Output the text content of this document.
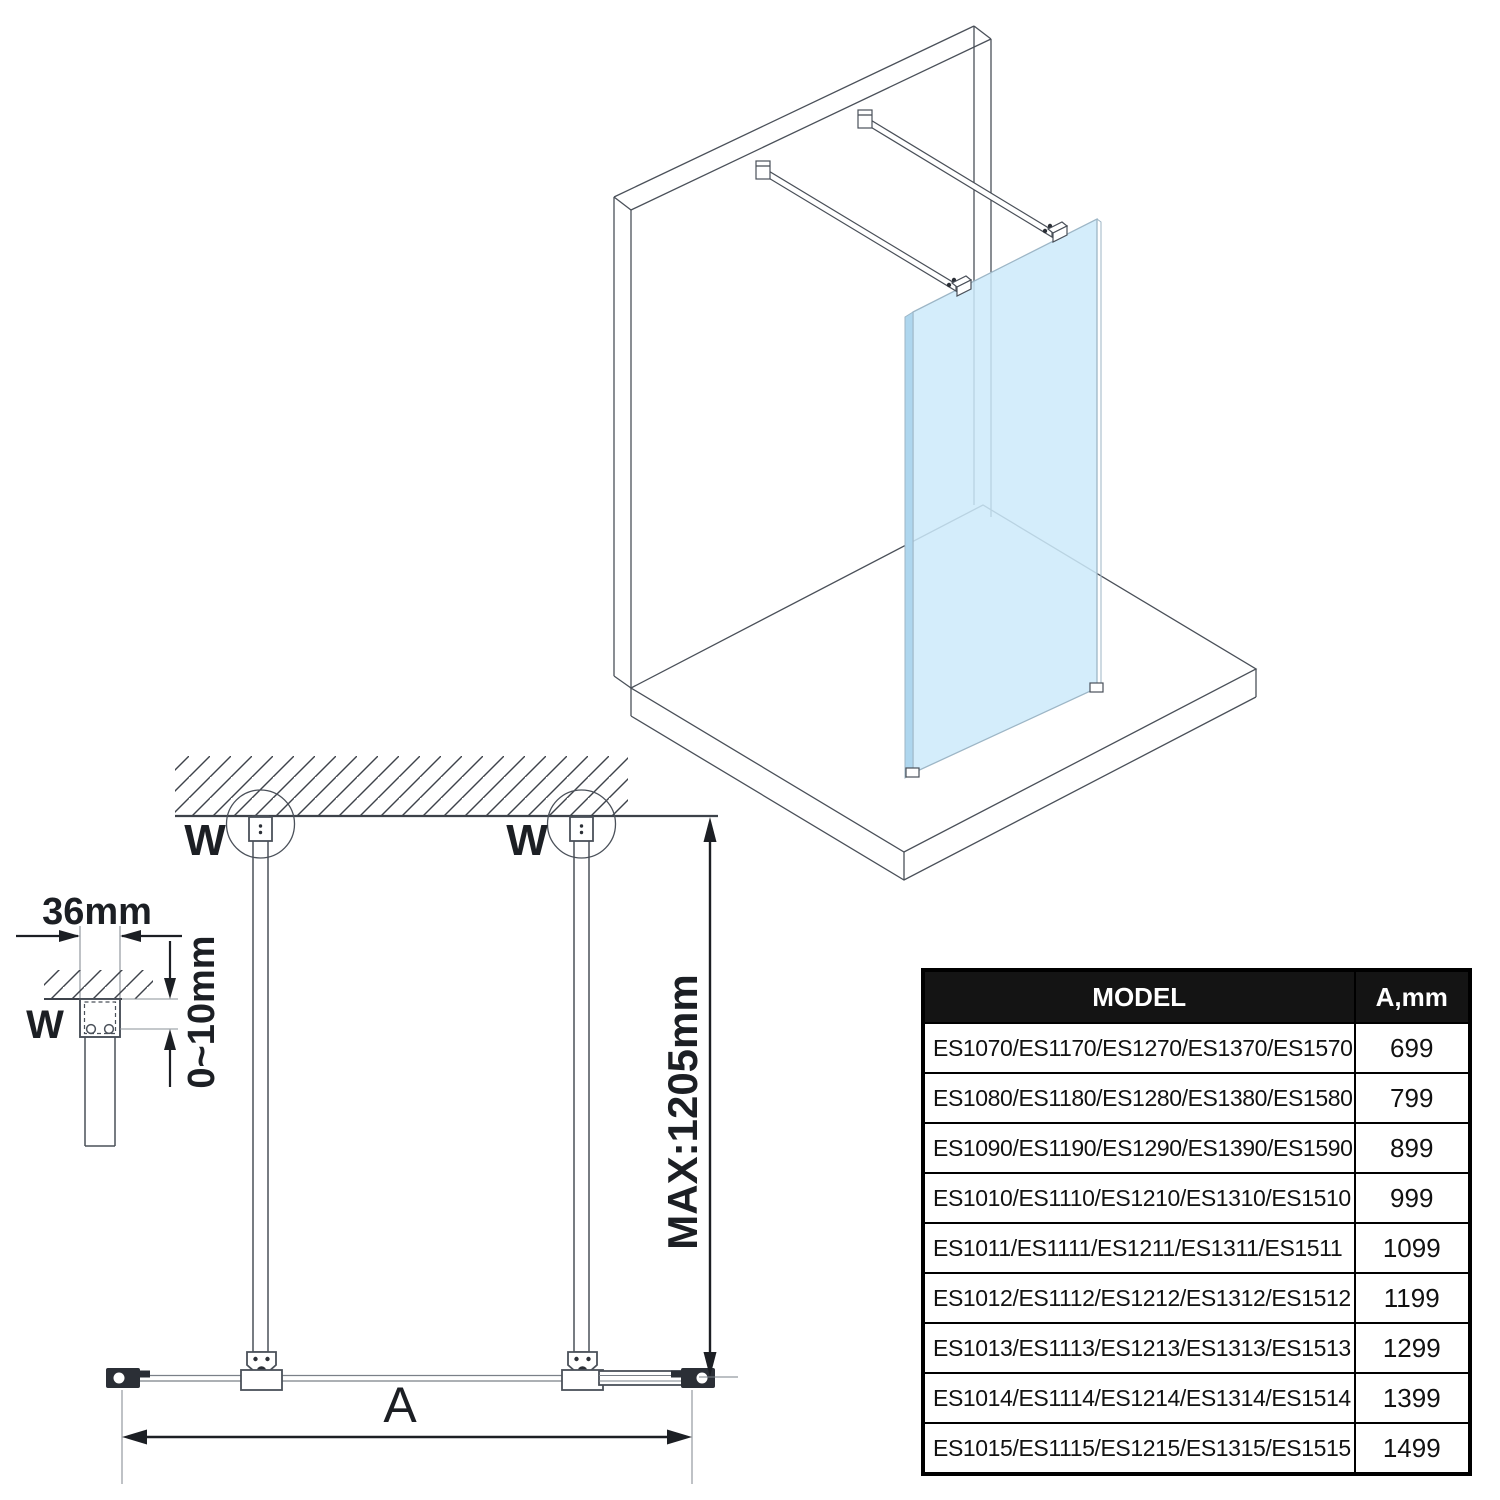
W	W
MAX:1205mm
A
36mm
0~10mm
W
MODEL	A,mm
ES1070/ES1170/ES1270/ES1370/ES1570	699
ES1080/ES1180/ES1280/ES1380/ES1580	799
ES1090/ES1190/ES1290/ES1390/ES1590	899
ES1010/ES1110/ES1210/ES1310/ES1510	999
ES1011/ES1111/ES1211/ES1311/ES1511	1099
ES1012/ES1112/ES1212/ES1312/ES1512	1199
ES1013/ES1113/ES1213/ES1313/ES1513	1299
ES1014/ES1114/ES1214/ES1314/ES1514	1399
ES1015/ES1115/ES1215/ES1315/ES1515	1499
